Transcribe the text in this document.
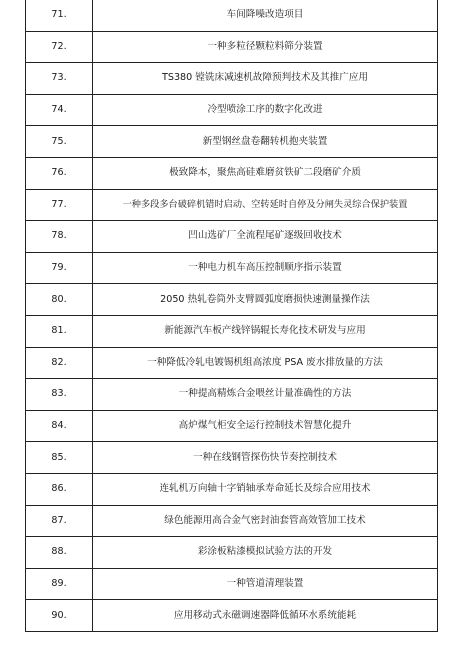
71.	车间降噪改造项目
72.	一种多粒径颗粒料筛分装置
73.	TS380 镗铣床减速机故障预判技术及其推广应用
74.	冷型喷涂工序的数字化改进
75.	新型钢丝盘卷翻转机抱夹装置
76.	极致降本，聚焦高硅难磨贫铁矿二段磨矿介质
77.	一种多段多台破碎机错时启动、空转延时自停及分闸失灵综合保护装置
78.	凹山选矿厂全流程尾矿逐级回收技术
79.	一种电力机车高压控制顺序指示装置
80.	2050 热轧卷筒外支臂圆弧度磨损快速测量操作法
81.	新能源汽车板产线锌锅辊长寿化技术研发与应用
82.	一种降低冷轧电镀锡机组高浓度 PSA 废水排放量的方法
83.	一种提高精炼合金喂丝计量准确性的方法
84.	高炉煤气柜安全运行控制技术智慧化提升
85.	一种在线钢管探伤快节奏控制技术
86.	连轧机万向轴十字销轴承寿命延长及综合应用技术
87.	绿色能源用高合金气密封油套管高效管加工技术
88.	彩涂板粘漆模拟试验方法的开发
89.	一种管道清理装置
90.	应用移动式永磁调速器降低循环水系统能耗
